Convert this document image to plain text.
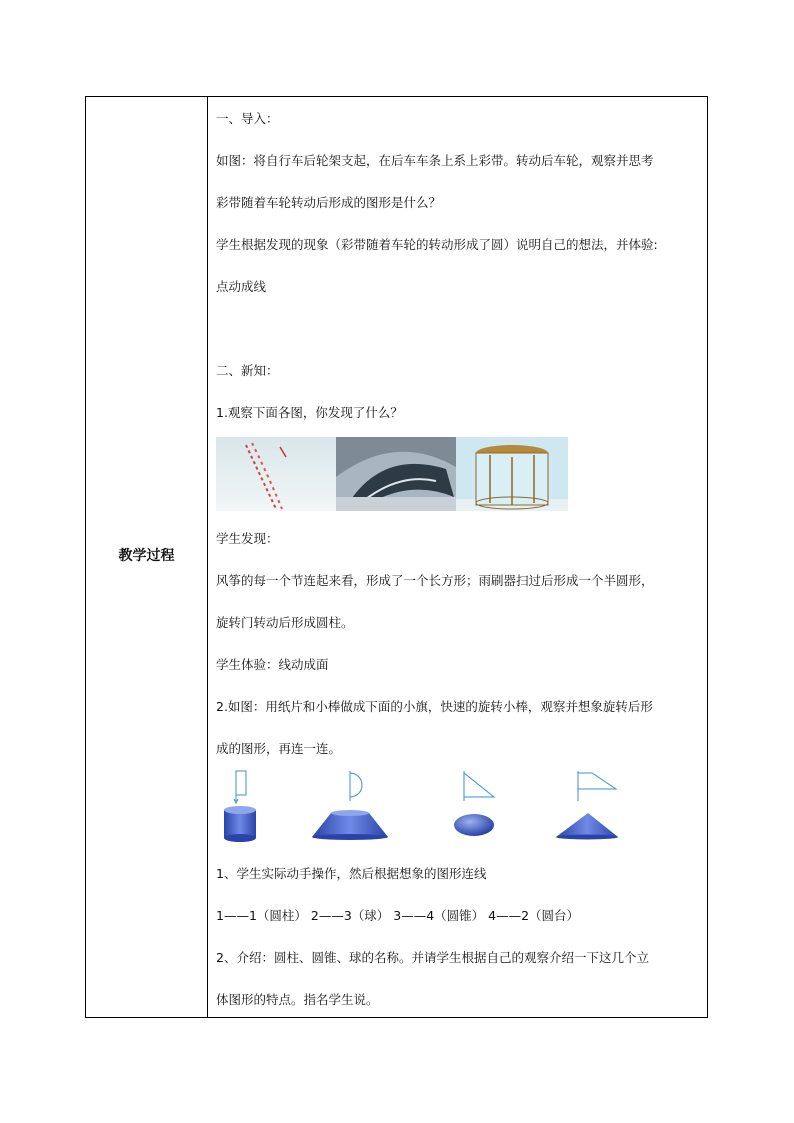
教学过程
一、导入：
如图：将自行车后轮架支起，在后车车条上系上彩带。转动后车轮，观察并思考
彩带随着车轮转动后形成的图形是什么？
学生根据发现的现象（彩带随着车轮的转动形成了圆）说明自己的想法，并体验:
点动成线
二、新知：
1.观察下面各图，你发现了什么？
学生发现：
风筝的每一个节连起来看，形成了一个长方形；雨刷器扫过后形成一个半圆形，
旋转门转动后形成圆柱。
学生体验：线动成面
2.如图：用纸片和小棒做成下面的小旗，快速的旋转小棒，观察并想象旋转后形
成的图形，再连一连。
1、学生实际动手操作，然后根据想象的图形连线
1——1（圆柱） 2——3（球） 3——4（圆锥） 4——2（圆台）
2、介绍：圆柱、圆锥、球的名称。并请学生根据自己的观察介绍一下这几个立
体图形的特点。指名学生说。
